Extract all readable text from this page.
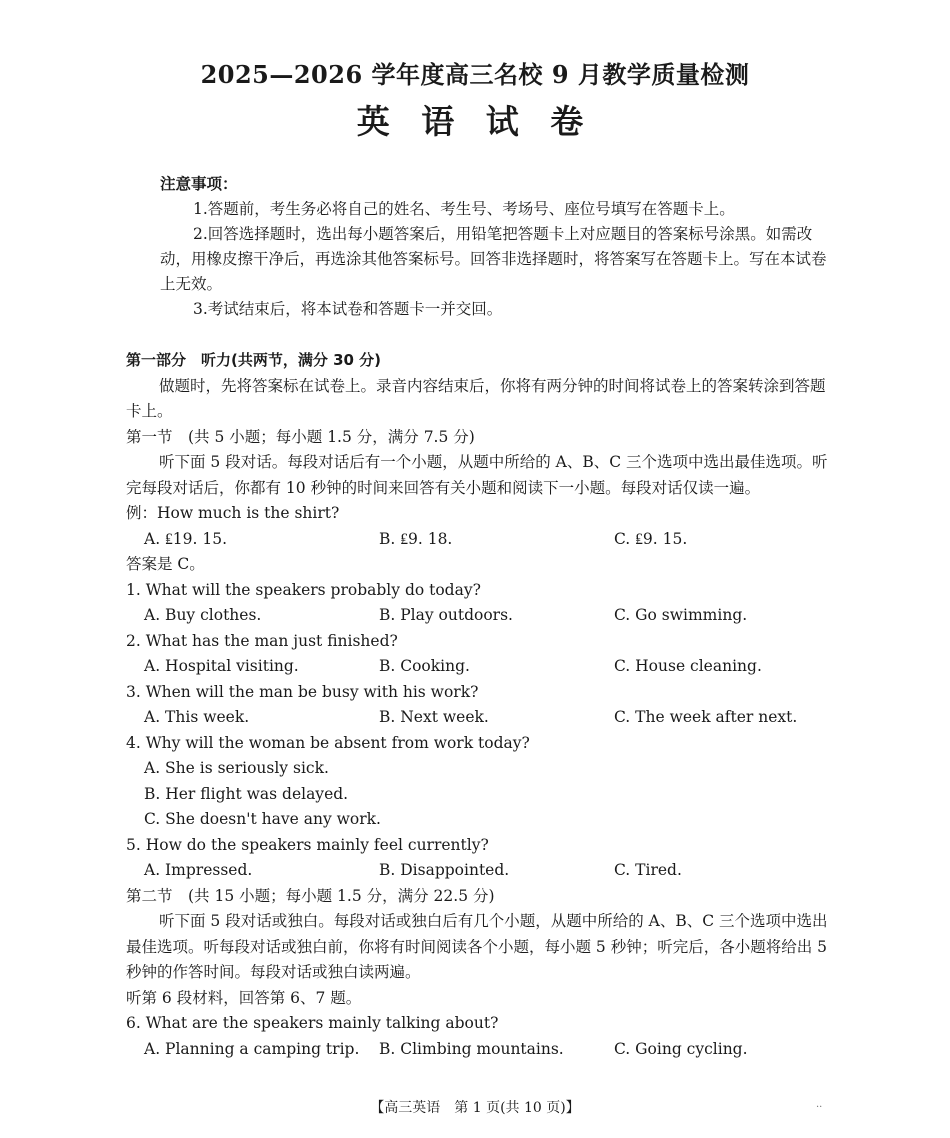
2025—2026 学年度高三名校 9 月教学质量检测
英 语 试 卷

注意事项：

1.答题前，考生务必将自己的姓名、考生号、考场号、座位号填写在答题卡上。

2.回答选择题时，选出每小题答案后，用铅笔把答题卡上对应题目的答案标号涂黑。如需改动，用橡皮擦干净后，再选涂其他答案标号。回答非选择题时，将答案写在答题卡上。写在本试卷上无效。

3.考试结束后，将本试卷和答题卡一并交回。

第一部分　听力(共两节，满分 30 分)

做题时，先将答案标在试卷上。录音内容结束后，你将有两分钟的时间将试卷上的答案转涂到答题卡上。

第一节　(共 5 小题；每小题 1.5 分，满分 7.5 分)

听下面 5 段对话。每段对话后有一个小题，从题中所给的 A、B、C 三个选项中选出最佳选项。听完每段对话后，你都有 10 秒钟的时间来回答有关小题和阅读下一小题。每段对话仅读一遍。

例：How much is the shirt?

A. ₤19. 15.	B. ₤9. 18.	C. ₤9. 15.

答案是 C。

1. What will the speakers probably do today?

A. Buy clothes.	B. Play outdoors.	C. Go swimming.

2. What has the man just finished?

A. Hospital visiting.	B. Cooking.	C. House cleaning.

3. When will the man be busy with his work?

A. This week.	B. Next week.	C. The week after next.

4. Why will the woman be absent from work today?

A. She is seriously sick.

B. Her flight was delayed.

C. She doesn't have any work.

5. How do the speakers mainly feel currently?

A. Impressed.	B. Disappointed.	C. Tired.

第二节　(共 15 小题；每小题 1.5 分，满分 22.5 分)

听下面 5 段对话或独白。每段对话或独白后有几个小题，从题中所给的 A、B、C 三个选项中选出最佳选项。听每段对话或独白前，你将有时间阅读各个小题，每小题 5 秒钟；听完后，各小题将给出 5 秒钟的作答时间。每段对话或独白读两遍。

听第 6 段材料，回答第 6、7 题。

6. What are the speakers mainly talking about?

A. Planning a camping trip.	B. Climbing mountains.	C. Going cycling.
【高三英语　第 1 页(共 10 页)】	··
